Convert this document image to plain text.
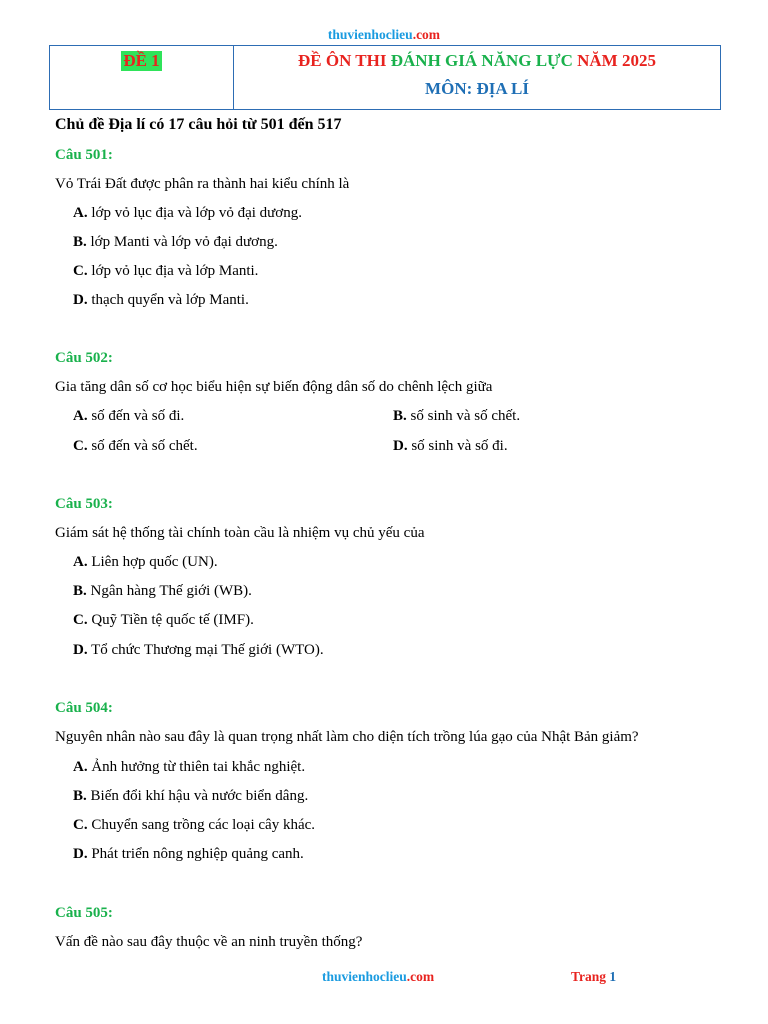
thuvienhoclieu.com
ĐỀ 1	ĐỀ ÔN THI ĐÁNH GIÁ NĂNG LỰC NĂM 2025
MÔN: ĐỊA LÍ
Chủ đề Địa lí có 17 câu hỏi từ 501 đến 517
Câu 501:
Vỏ Trái Đất được phân ra thành hai kiểu chính là
A. lớp vỏ lục địa và lớp vỏ đại dương.
B. lớp Manti và lớp vỏ đại dương.
C. lớp vỏ lục địa và lớp Manti.
D. thạch quyển và lớp Manti.
Câu 502:
Gia tăng dân số cơ học biểu hiện sự biến động dân số do chênh lệch giữa
A. số đến và số đi.	B. số sinh và số chết.
C. số đến và số chết.	D. số sinh và số đi.
Câu 503:
Giám sát hệ thống tài chính toàn cầu là nhiệm vụ chủ yếu của
A. Liên hợp quốc (UN).
B. Ngân hàng Thế giới (WB).
C. Quỹ Tiền tệ quốc tế (IMF).
D. Tổ chức Thương mại Thế giới (WTO).
Câu 504:
Nguyên nhân nào sau đây là quan trọng nhất làm cho diện tích trồng lúa gạo của Nhật Bản giảm?
A. Ảnh hưởng từ thiên tai khắc nghiệt.
B. Biến đổi khí hậu và nước biển dâng.
C. Chuyển sang trồng các loại cây khác.
D. Phát triển nông nghiệp quảng canh.
Câu 505:
Vấn đề nào sau đây thuộc về an ninh truyền thống?
thuvienhoclieu.com	Trang 1
